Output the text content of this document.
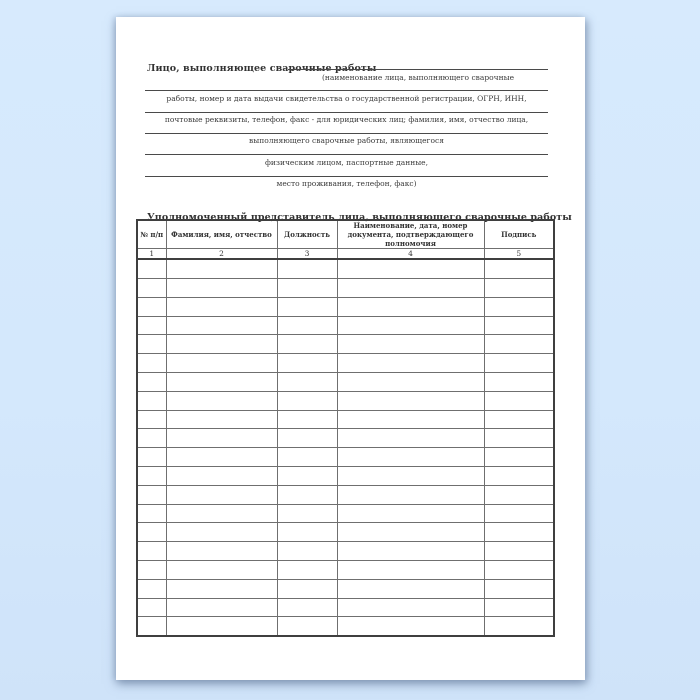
Лицо, выполняющее сварочные работы
(наименование лица, выполняющего сварочные
работы, номер и дата выдачи свидетельства о государственной регистрации, ОГРН, ИНН,
почтовые реквизиты, телефон, факс - для юридических лиц; фамилия, имя, отчество лица,
выполняющего сварочные работы, являющегося
физическим лицом, паспортные данные,
место проживания, телефон, факс)
Уполномоченный представитель лица, выполняющего сварочные работы
№ п/п	Фамилия, имя, отчество	Должность	Наименование, дата, номер документа, подтверждающего полномочия	Подпись
1	2	3	4	5
